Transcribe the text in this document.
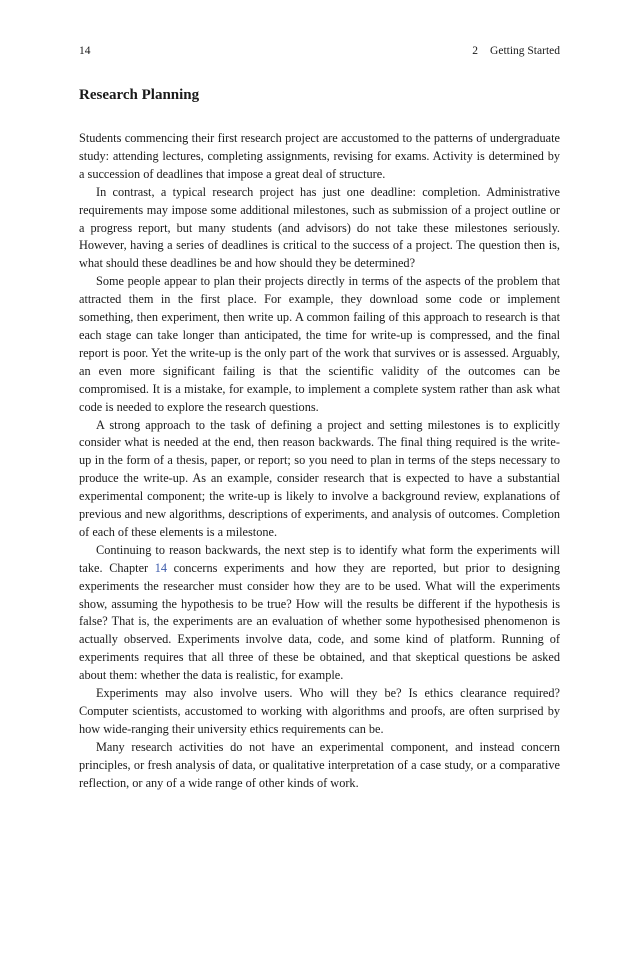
14	2 Getting Started
Research Planning

Students commencing their first research project are accustomed to the patterns of undergraduate study: attending lectures, completing assignments, revising for exams. Activity is determined by a succession of deadlines that impose a great deal of structure.

In contrast, a typical research project has just one deadline: completion. Administrative requirements may impose some additional milestones, such as submission of a project outline or a progress report, but many students (and advisors) do not take these milestones seriously. However, having a series of deadlines is critical to the success of a project. The question then is, what should these deadlines be and how should they be determined?

Some people appear to plan their projects directly in terms of the aspects of the problem that attracted them in the first place. For example, they download some code or implement something, then experiment, then write up. A common failing of this approach to research is that each stage can take longer than anticipated, the time for write-up is compressed, and the final report is poor. Yet the write-up is the only part of the work that survives or is assessed. Arguably, an even more significant failing is that the scientific validity of the outcomes can be compromised. It is a mistake, for example, to implement a complete system rather than ask what code is needed to explore the research questions.

A strong approach to the task of defining a project and setting milestones is to explicitly consider what is needed at the end, then reason backwards. The final thing required is the write-up in the form of a thesis, paper, or report; so you need to plan in terms of the steps necessary to produce the write-up. As an example, consider research that is expected to have a substantial experimental component; the write-up is likely to involve a background review, explanations of previous and new algorithms, descriptions of experiments, and analysis of outcomes. Completion of each of these elements is a milestone.

Continuing to reason backwards, the next step is to identify what form the experiments will take. Chapter 14 concerns experiments and how they are reported, but prior to designing experiments the researcher must consider how they are to be used. What will the experiments show, assuming the hypothesis to be true? How will the results be different if the hypothesis is false? That is, the experiments are an evaluation of whether some hypothesised phenomenon is actually observed. Experiments involve data, code, and some kind of platform. Running of experiments requires that all three of these be obtained, and that skeptical questions be asked about them: whether the data is realistic, for example.

Experiments may also involve users. Who will they be? Is ethics clearance required? Computer scientists, accustomed to working with algorithms and proofs, are often surprised by how wide-ranging their university ethics requirements can be.

Many research activities do not have an experimental component, and instead concern principles, or fresh analysis of data, or qualitative interpretation of a case study, or a comparative reflection, or any of a wide range of other kinds of work.
